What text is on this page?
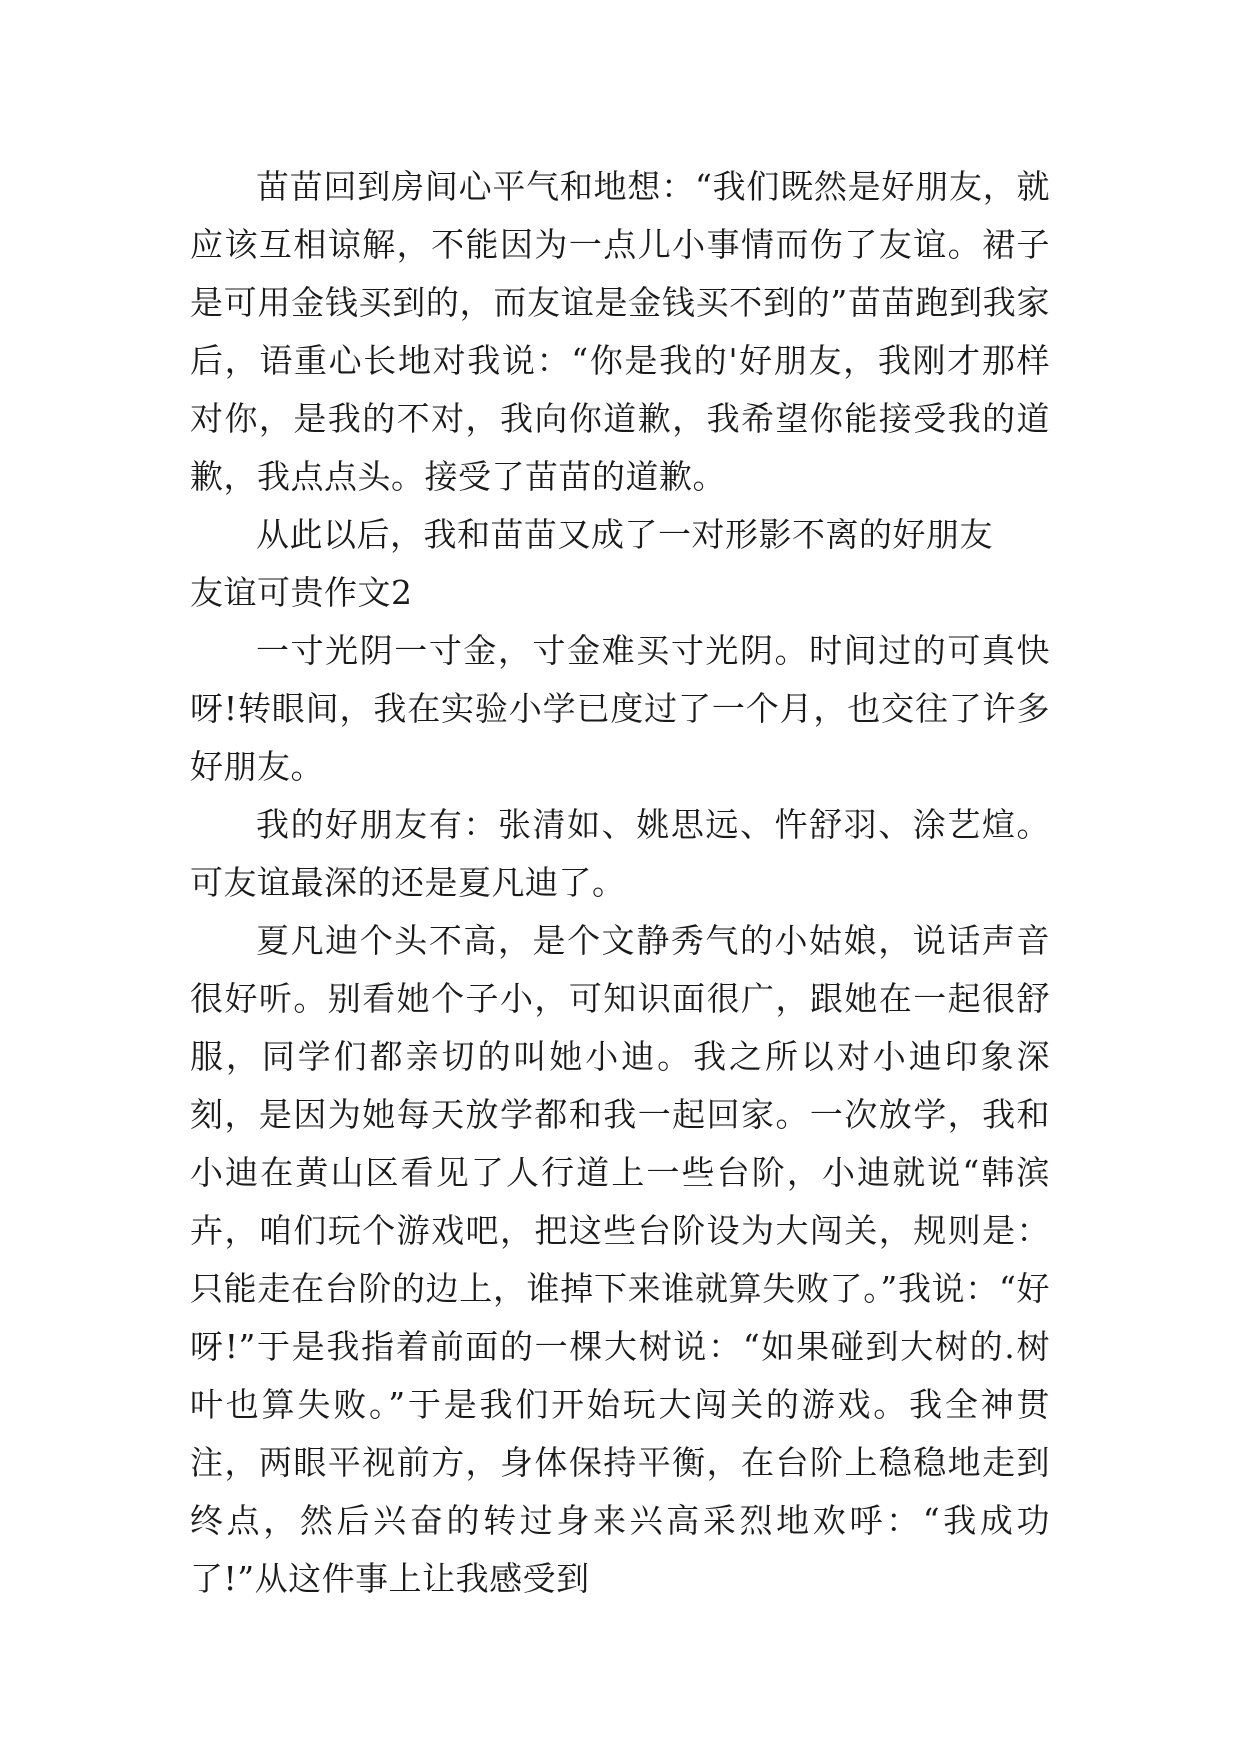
苗苗回到房间心平气和地想：“我们既然是好朋友，就应该互相谅解，不能因为一点儿小事情而伤了友谊。裙子是可用金钱买到的，而友谊是金钱买不到的”苗苗跑到我家后，语重心长地对我说：“你是我的'好朋友，我刚才那样对你，是我的不对，我向你道歉，我希望你能接受我的道歉，我点点头。接受了苗苗的道歉。

从此以后，我和苗苗又成了一对形影不离的好朋友

友谊可贵作文2

一寸光阴一寸金，寸金难买寸光阴。时间过的可真快呀!转眼间，我在实验小学已度过了一个月，也交往了许多好朋友。

我的好朋友有：张清如、姚思远、忤舒羽、涂艺煊。可友谊最深的还是夏凡迪了。

夏凡迪个头不高，是个文静秀气的小姑娘，说话声音很好听。别看她个子小，可知识面很广，跟她在一起很舒服，同学们都亲切的叫她小迪。我之所以对小迪印象深刻，是因为她每天放学都和我一起回家。一次放学，我和小迪在黄山区看见了人行道上一些台阶，小迪就说“韩滨卉，咱们玩个游戏吧，把这些台阶设为大闯关，规则是：只能走在台阶的边上，谁掉下来谁就算失败了。”我说：“好呀!”于是我指着前面的一棵大树说：“如果碰到大树的.树叶也算失败。”于是我们开始玩大闯关的游戏。我全神贯注，两眼平视前方，身体保持平衡，在台阶上稳稳地走到终点，然后兴奋的转过身来兴高采烈地欢呼：“我成功了!”从这件事上让我感受到
